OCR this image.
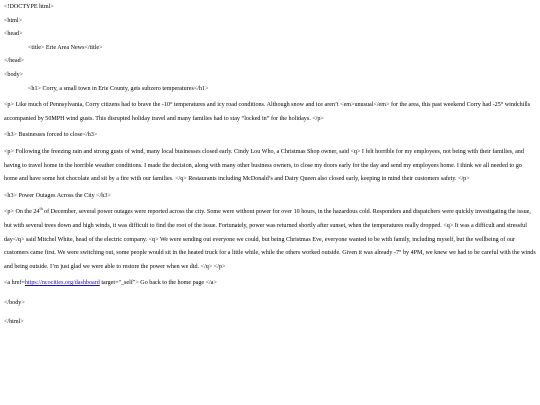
<!DOCTYPE html>
<html>
<head>
<title> Erie Area News</title>
</head>
<body>
<h1> Corry, a small town in Erie County, gets subzero temperatures</h1>
<p> Like much of Pennsylvania, Corry citizens had to brave the -10° temperatures and icy road conditions. Although snow and ice aren’t <em>unusual</em> for the area, this past weekend Corry had -25° windchills accompanied by 50MPH wind gusts. This disrupted holiday travel and many families had to stay “locked in” for the holidays. </p>
<h3> Businesses forced to close</h3>
<p> Following the freezing rain and strong gusts of wind, many local businesses closed early. Cindy Lou Who, a Christmas Shop owner, said <q> I felt horrible for my employees, not being with their families, and having to travel home in the horrible weather conditions. I made the decision, along with many other business owners, to close my doors early for the day and send my employees home. I think we all needed to go home and have some hot chocolate and sit by a fire with our families. </q> Restaurants including McDonald’s and Dairy Queen also closed early, keeping in mind their customers safety. </p>
<h3> Power Outages Across the City </h3>
<p> On the 24th of December, several power outages were reported across the city. Some were without power for over 10 hours, in the hazardous cold. Responders and dispatchers were quickly investigating the issue, but with several trees down and high winds, it was difficult to find the root of the issue. Fortunately, power was returned shortly after sunset, when the temperatures really dropped. <q> It was a difficult and stressful day</q> said Mitchel White, head of the electric company. <q> We were sending out everyone we could, but being Christmas Eve, everyone wanted to be with family, including myself, but the wellbeing of our customers came first. We were switching out, some people would sit in the heated truck for a little while, while the others worked outside. Given it was already -7° by 4PM, we knew we had to be careful with the winds and being outside. I’m just glad we were able to restore the power when we did. </q> </p>
<a href=https://ncocities.org/dashboard target="_self"> Go back to the home page </a>
</body>
</html>
